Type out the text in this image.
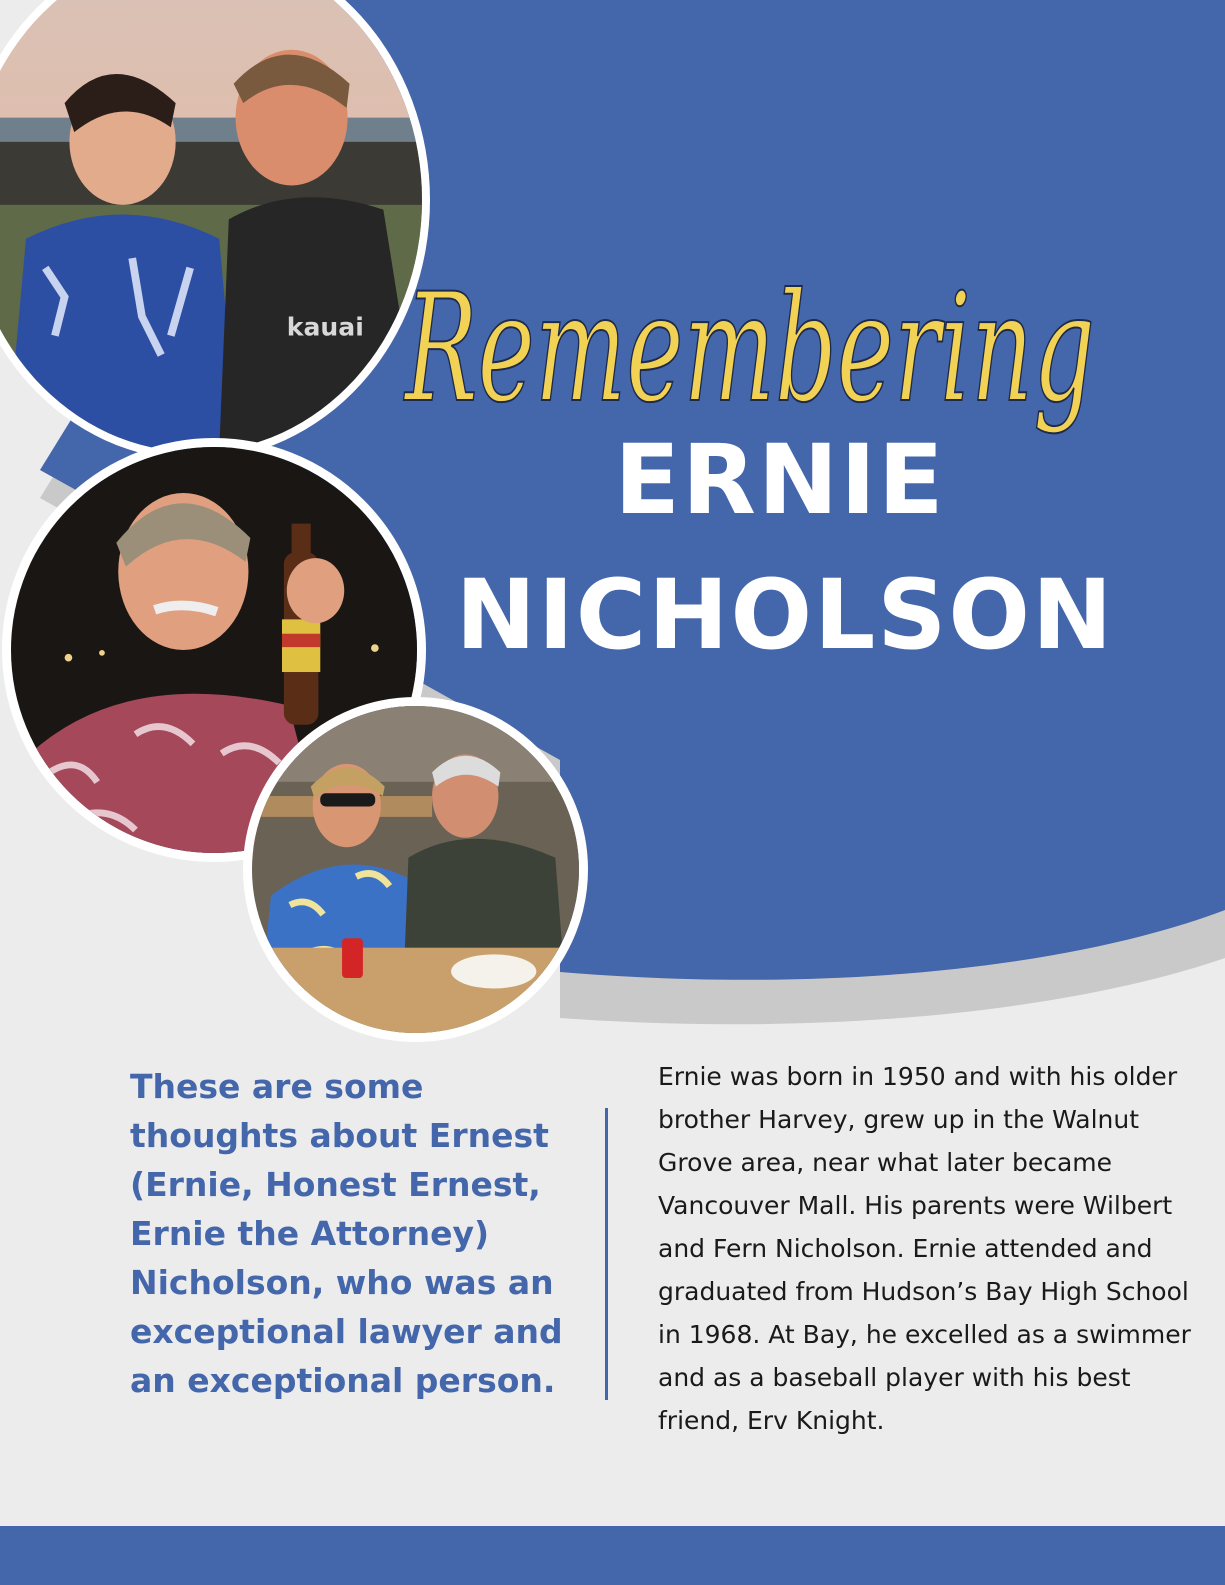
kauai Remembering
ERNIE
NICHOLSON

These are some thoughts about Ernest (Ernie, Honest Ernest, Ernie the Attorney) Nicholson, who was an exceptional lawyer and an exceptional person.

Ernie was born in 1950 and with his older brother Harvey, grew up in the Walnut Grove area, near what later became Vancouver Mall. His parents were Wilbert and Fern Nicholson. Ernie attended and graduated from Hudson’s Bay High School in 1968. At Bay, he excelled as a swimmer and as a baseball player with his best friend, Erv Knight.
